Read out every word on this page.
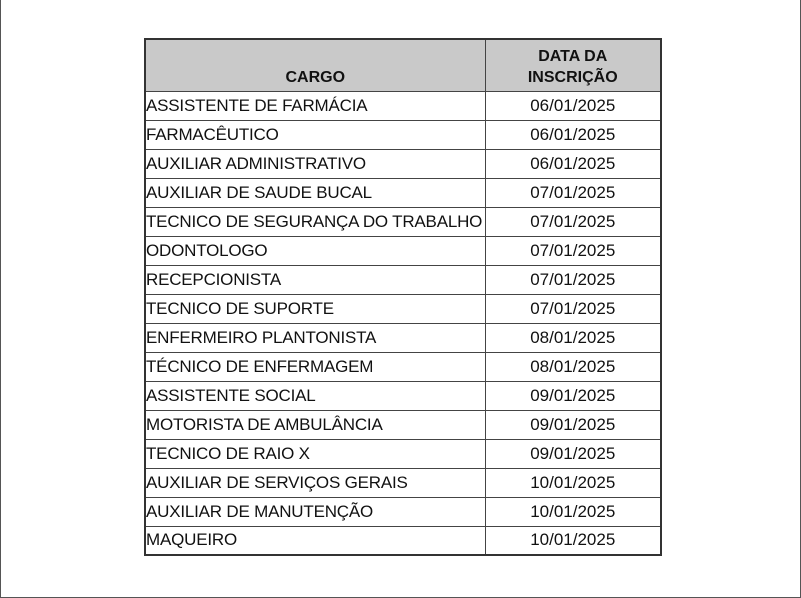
CARGO	DATA DA
INSCRIÇÃO

ASSISTENTE DE FARMÁCIA	06/01/2025
FARMACÊUTICO	06/01/2025
AUXILIAR ADMINISTRATIVO	06/01/2025
AUXILIAR DE SAUDE BUCAL	07/01/2025
TECNICO DE SEGURANÇA DO TRABALHO	07/01/2025
ODONTOLOGO	07/01/2025
RECEPCIONISTA	07/01/2025
TECNICO DE SUPORTE	07/01/2025
ENFERMEIRO PLANTONISTA	08/01/2025
TÉCNICO DE ENFERMAGEM	08/01/2025
ASSISTENTE SOCIAL	09/01/2025
MOTORISTA DE AMBULÂNCIA	09/01/2025
TECNICO DE RAIO X	09/01/2025
AUXILIAR DE SERVIÇOS GERAIS	10/01/2025
AUXILIAR DE MANUTENÇÃO	10/01/2025
MAQUEIRO	10/01/2025
